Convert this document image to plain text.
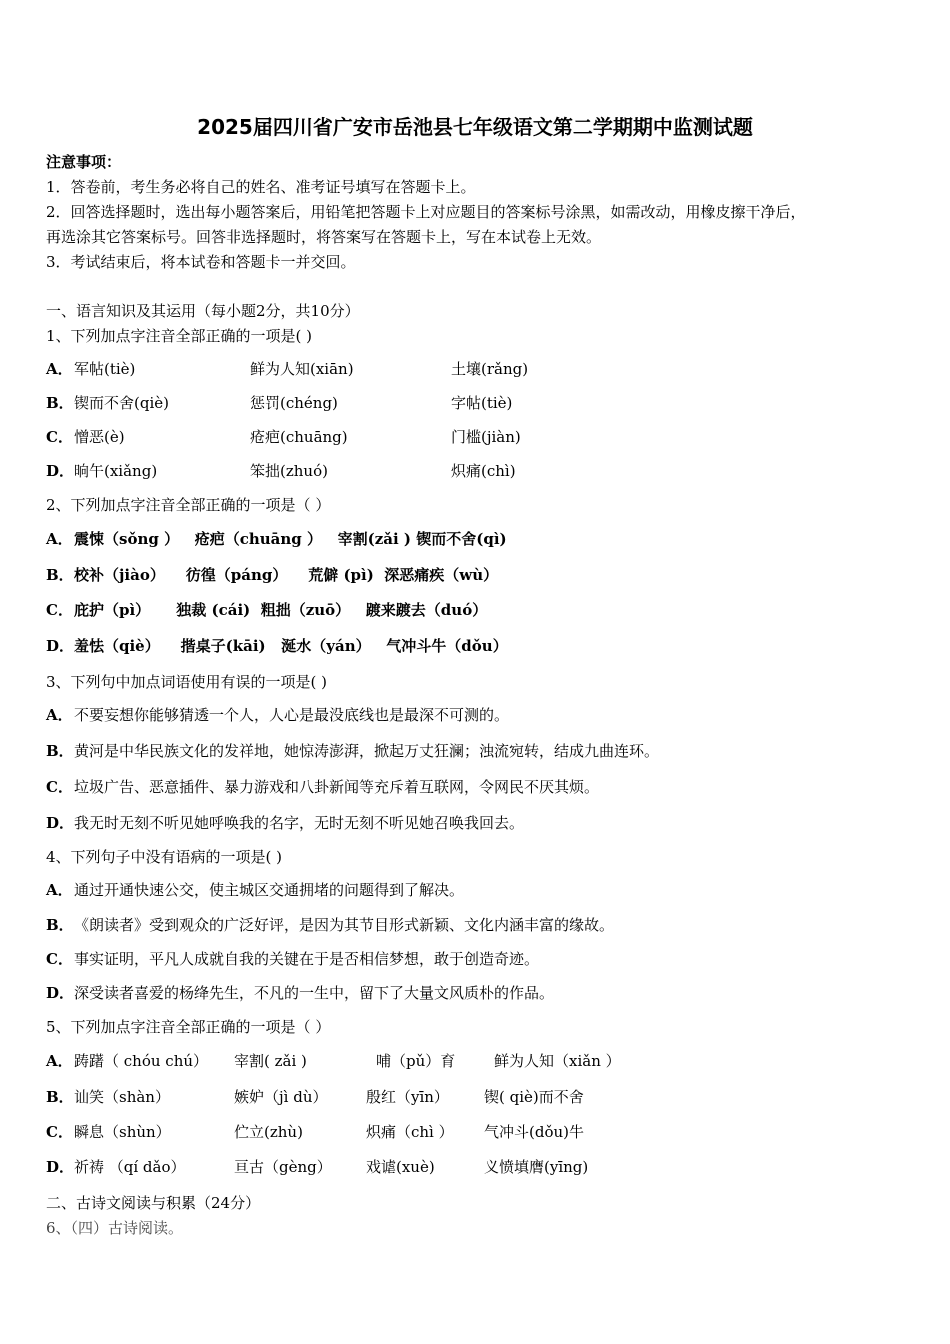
2025届四川省广安市岳池县七年级语文第二学期期中监测试题
注意事项：
1．答卷前，考生务必将自己的姓名、准考证号填写在答题卡上。
2．回答选择题时，选出每小题答案后，用铅笔把答题卡上对应题目的答案标号涂黑，如需改动，用橡皮擦干净后，
再选涂其它答案标号。回答非选择题时，将答案写在答题卡上，写在本试卷上无效。
3．考试结束后，将本试卷和答题卡一并交回。
一、语言知识及其运用（每小题2分，共10分）
1、下列加点字注音全部正确的一项是( )
A． 军帖(tiè)	鲜为人知(xiān)	土壤(rǎng)
B． 锲而不舍(qiè)	惩罚(chéng)	字帖(tiè)
C． 憎恶(è)	疮疤(chuāng)	门槛(jiàn)
D． 晌午(xiǎng)	笨拙(zhuó)	炽痛(chì)
2、下列加点字注音全部正确的一项是（ ）
A．震悚（sǒng ）   疮疤（chuāng ）   宰割(zǎi ) 锲而不舍(qì)
B．校补（jiào）    彷徨（páng）    荒僻 (pì)  深恶痛疾（wù）
C．庇护（pì）     独裁 (cái)  粗拙（zuō）   踱来踱去（duó）
D．羞怯（qiè）    揩桌子(kāi)   涎水（yán）   气冲斗牛（dǒu）
3、下列句中加点词语使用有误的一项是( )
A．不要妄想你能够猜透一个人，人心是最没底线也是最深不可测的。
B．黄河是中华民族文化的发祥地，她惊涛澎湃，掀起万丈狂澜；浊流宛转，结成九曲连环。
C．垃圾广告、恶意插件、暴力游戏和八卦新闻等充斥着互联网，令网民不厌其烦。
D．我无时无刻不听见她呼唤我的名字，无时无刻不听见她召唤我回去。
4、下列句子中没有语病的一项是( )
A．通过开通快速公交，使主城区交通拥堵的问题得到了解决。
B．《朗读者》受到观众的广泛好评，是因为其节目形式新颖、文化内涵丰富的缘故。
C．事实证明，平凡人成就自我的关键在于是否相信梦想，敢于创造奇迹。
D．深受读者喜爱的杨绛先生，不凡的一生中，留下了大量文风质朴的作品。
5、下列加点字注音全部正确的一项是（ ）
A． 踌躇（ chóu chú） 宰割( zǎi )	哺（pǔ）育	鲜为人知（xiǎn ）
B． 讪笑（shàn）	嫉妒（jì dù）	殷红（yīn） 锲( qiè)而不舍
C． 瞬息（shùn）	伫立(zhù)	炽痛（chì ） 气冲斗(dǒu)牛
D． 祈祷 （qí dǎo）	亘古（gèng） 戏谑(xuè)	义愤填膺(yīng)
二、古诗文阅读与积累（24分）
6、（四）古诗阅读。
